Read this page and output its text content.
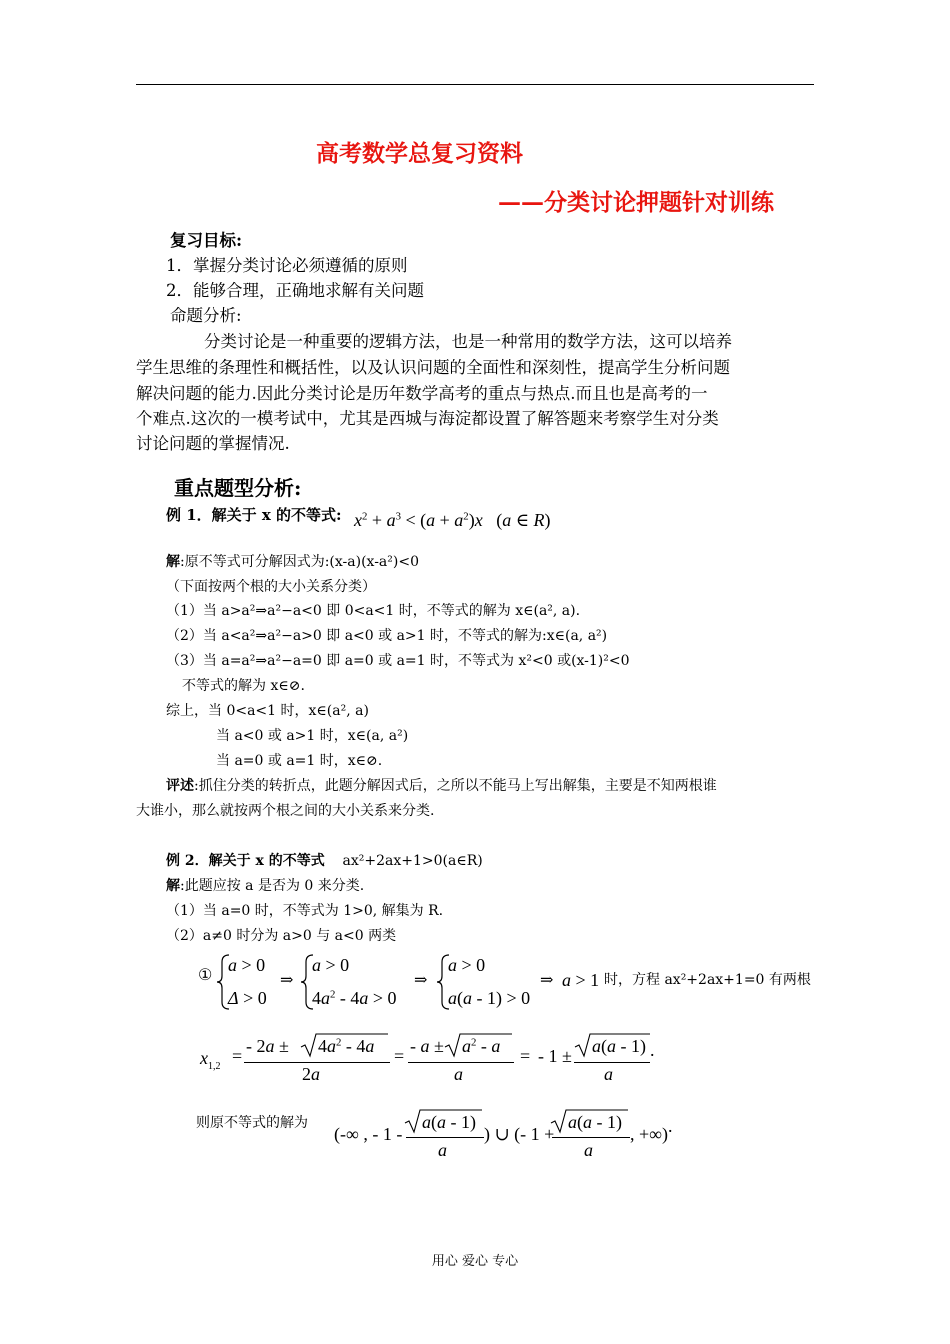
高考数学总复习资料
——分类讨论押题针对训练
复习目标:
1．掌握分类讨论必须遵循的原则
2．能够合理，正确地求解有关问题
命题分析:
分类讨论是一种重要的逻辑方法，也是一种常用的数学方法，这可以培养
学生思维的条理性和概括性，以及认识问题的全面性和深刻性，提高学生分析问题
解决问题的能力.因此分类讨论是历年数学高考的重点与热点.而且也是高考的一
个难点.这次的一模考试中，尤其是西城与海淀都设置了解答题来考察学生对分类
讨论问题的掌握情况.
重点题型分析:
例 1．解关于 x 的不等式: $x^2 + a^3 < (a + a^2)x$   (a ∈ R)
解:原不等式可分解因式为:(x-a)(x-a²)<0
（下面按两个根的大小关系分类）
（1）当 a>a²⇒a²−a<0 即 0<a<1 时，不等式的解为 x∈(a², a).
（2）当 a<a²⇒a²−a>0 即 a<0 或 a>1 时，不等式的解为:x∈(a, a²)
（3）当 a=a²⇒a²−a=0 即 a=0 或 a=1 时，不等式为 x²<0 或(x-1)²<0
不等式的解为 x∈⊘.
综上，当 0<a<1 时，x∈(a², a)
当 a<0 或 a>1 时，x∈(a, a²)
当 a=0 或 a=1 时，x∈⊘.
评述:抓住分类的转折点，此题分解因式后，之所以不能马上写出解集，主要是不知两根谁
大谁小，那么就按两个根之间的大小关系来分类.
例 2．解关于 x 的不等式 ax²+2ax+1>0(a∈R)
解:此题应按 a 是否为 0 来分类.
（1）当 a=0 时，不等式为 1>0, 解集为 R.
（2）a≠0 时分为 a>0 与 a<0 两类
① a > 0
Δ > 0
⇒
a > 0
$4a^2 - 4a > 0$
⇒
a > 0
a(a - 1) > 0
⇒ a > 1 时，方程 ax²+2ax+1=0 有两根
$x_{1,2}$
= - $2a \pm 4a^2 - 4a$
2a
= - $a \pm a^2 - a$
a
= - 1 ± a(a - 1)
a
.
则原不等式的解为
(-∞ , - 1 -
a(a - 1)
a
) ∪ (- 1 +
a(a - 1)
a
, +∞) .
用心 爱心 专心
